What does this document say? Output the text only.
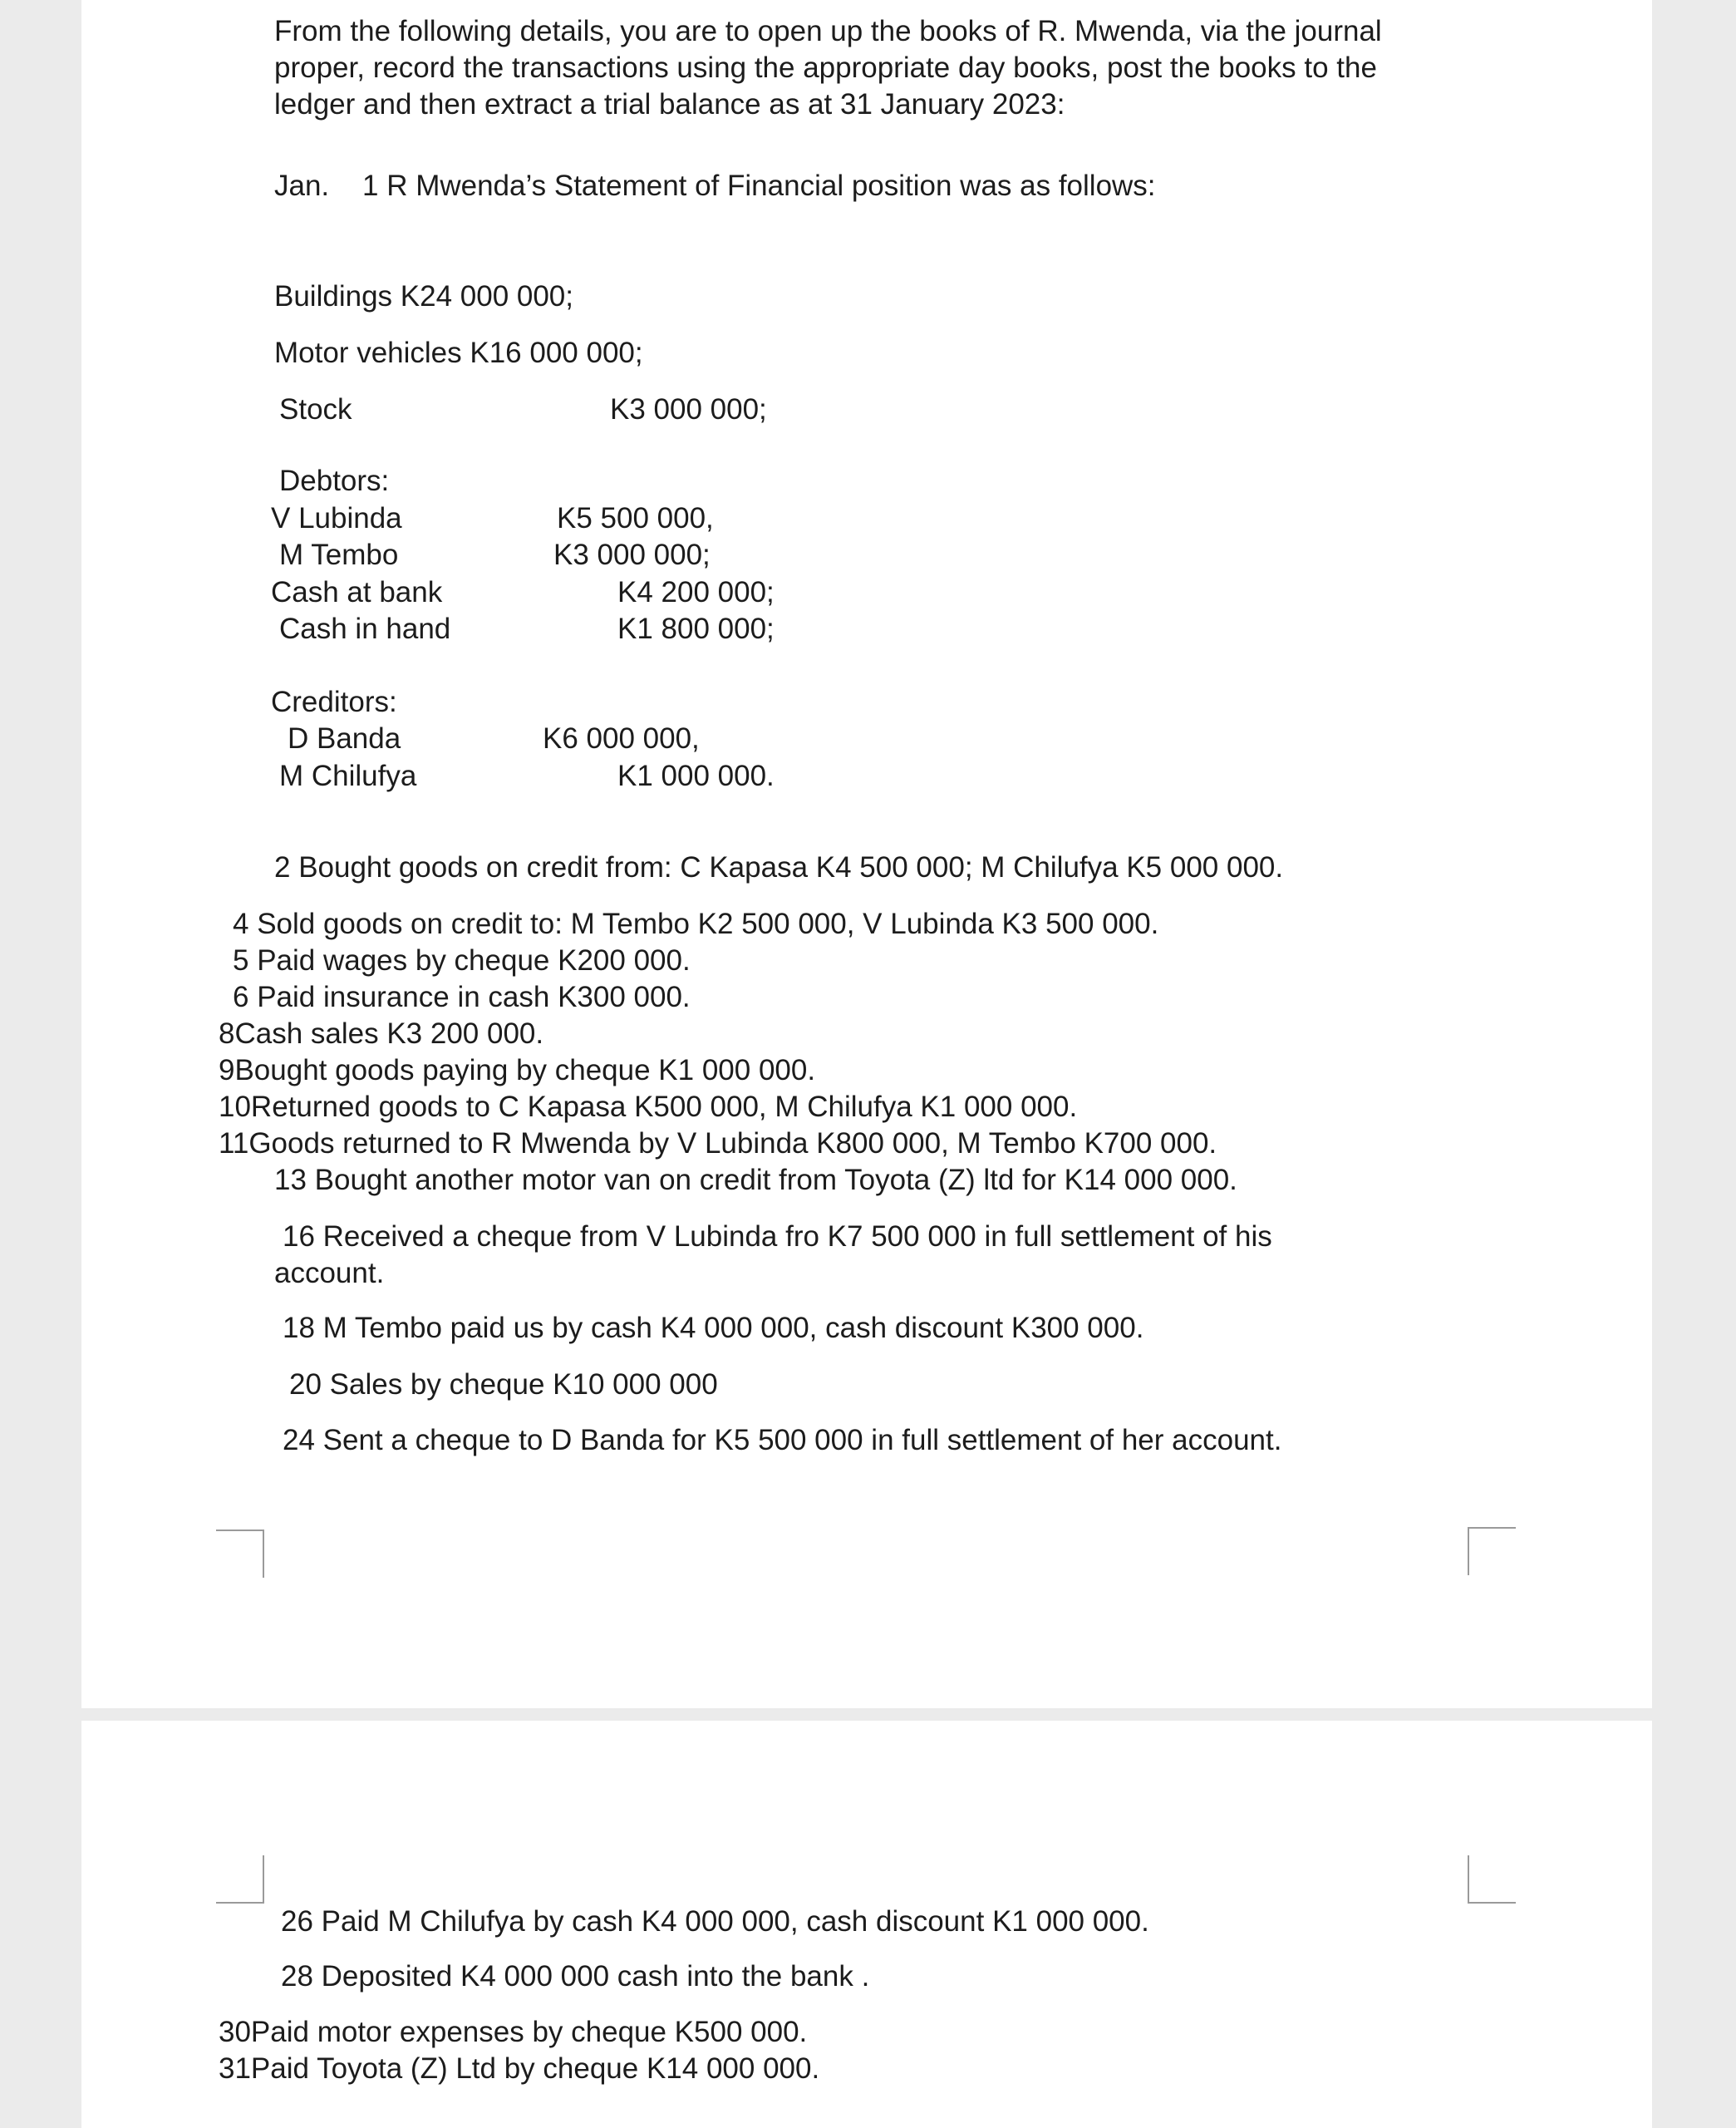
From the following details, you are to open up the books of R. Mwenda, via the journal
proper, record the transactions using the appropriate day books, post the books to the
ledger and then extract a trial balance as at 31 January 2023:
Jan. 1 R Mwenda’s Statement of Financial position was as follows:
Buildings K24 000 000;
Motor vehicles K16 000 000;
Stock	K3 000 000;
Debtors:
V Lubinda	K5 500 000,
M Tembo	K3 000 000;
Cash at bank	K4 200 000;
Cash in hand	K1 800 000;
Creditors:
D Banda	K6 000 000,
M Chilufya	K1 000 000.
2 Bought goods on credit from: C Kapasa K4 500 000; M Chilufya K5 000 000.
4 Sold goods on credit to: M Tembo K2 500 000, V Lubinda K3 500 000.
5 Paid wages by cheque K200 000.
6 Paid insurance in cash K300 000.
8Cash sales K3 200 000.
9Bought goods paying by cheque K1 000 000.
10Returned goods to C Kapasa K500 000, M Chilufya K1 000 000.
11Goods returned to R Mwenda by V Lubinda K800 000, M Tembo K700 000.
13 Bought another motor van on credit from Toyota (Z) ltd for K14 000 000.
16 Received a cheque from V Lubinda fro K7 500 000 in full settlement of his
account.
18 M Tembo paid us by cash K4 000 000, cash discount K300 000.
20 Sales by cheque K10 000 000
24 Sent a cheque to D Banda for K5 500 000 in full settlement of her account.
26 Paid M Chilufya by cash K4 000 000, cash discount K1 000 000.
28 Deposited K4 000 000 cash into the bank .
30Paid motor expenses by cheque K500 000.
31Paid Toyota (Z) Ltd by cheque K14 000 000.
